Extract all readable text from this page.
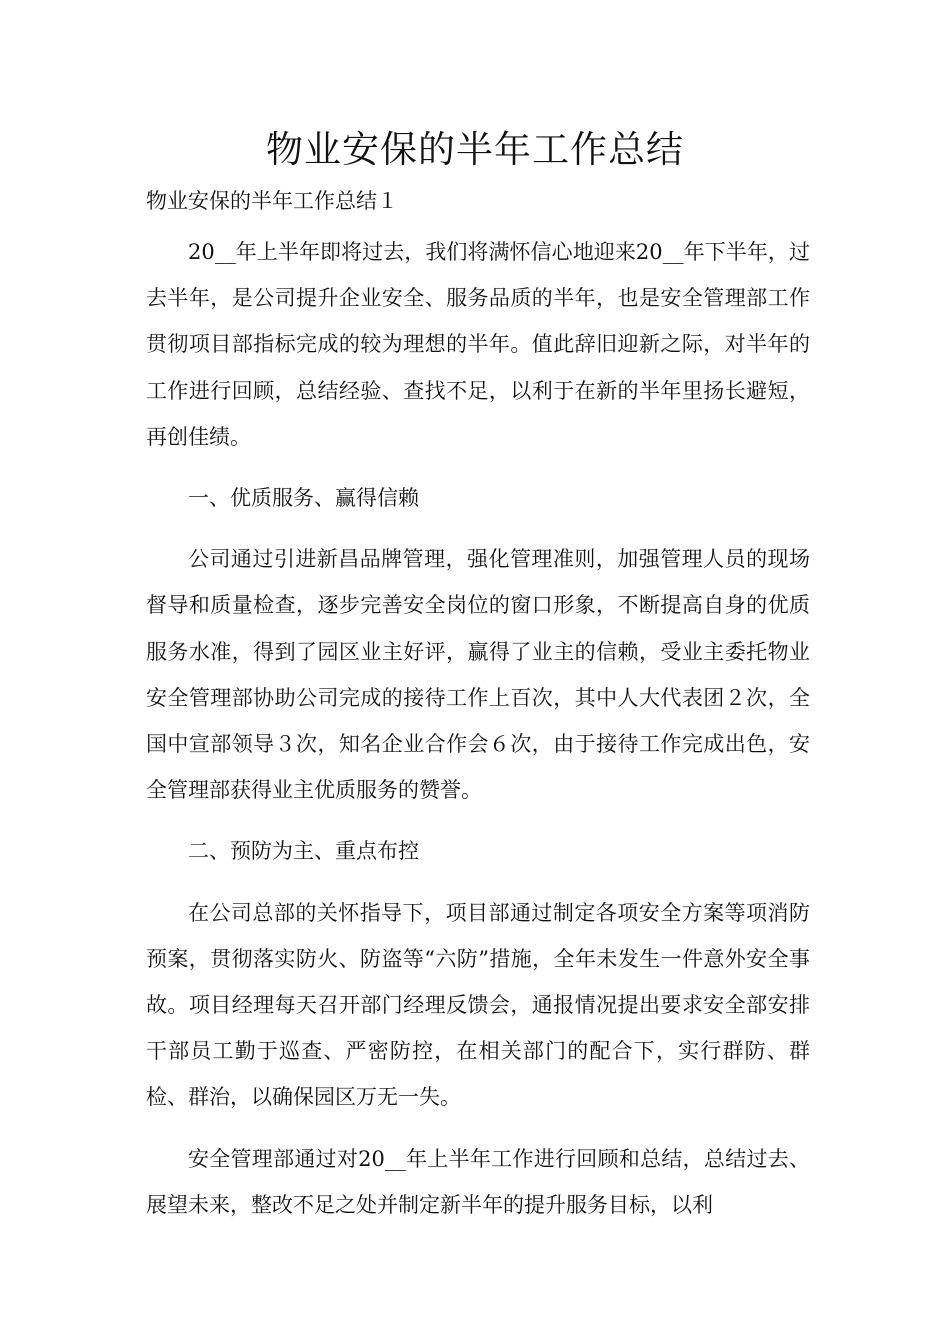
物业安保的半年工作总结
物业安保的半年工作总结１

20__年上半年即将过去，我们将满怀信心地迎来20__年下半年，过去半年，是公司提升企业安全、服务品质的半年，也是安全管理部工作贯彻项目部指标完成的较为理想的半年。值此辞旧迎新之际，对半年的工作进行回顾，总结经验、查找不足，以利于在新的半年里扬长避短，再创佳绩。

一、优质服务、赢得信赖

公司通过引进新昌品牌管理，强化管理准则，加强管理人员的现场督导和质量检查，逐步完善安全岗位的窗口形象，不断提高自身的优质服务水准，得到了园区业主好评，赢得了业主的信赖，受业主委托物业安全管理部协助公司完成的接待工作上百次，其中人大代表团２次，全国中宣部领导３次，知名企业合作会６次，由于接待工作完成出色，安全管理部获得业主优质服务的赞誉。

二、预防为主、重点布控

在公司总部的关怀指导下，项目部通过制定各项安全方案等项消防预案，贯彻落实防火、防盗等“六防”措施，全年未发生一件意外安全事故。项目经理每天召开部门经理反馈会，通报情况提出要求安全部安排干部员工勤于巡查、严密防控，在相关部门的配合下，实行群防、群检、群治，以确保园区万无一失。

安全管理部通过对20__年上半年工作进行回顾和总结，总结过去、展望未来，整改不足之处并制定新半年的提升服务目标，以利
